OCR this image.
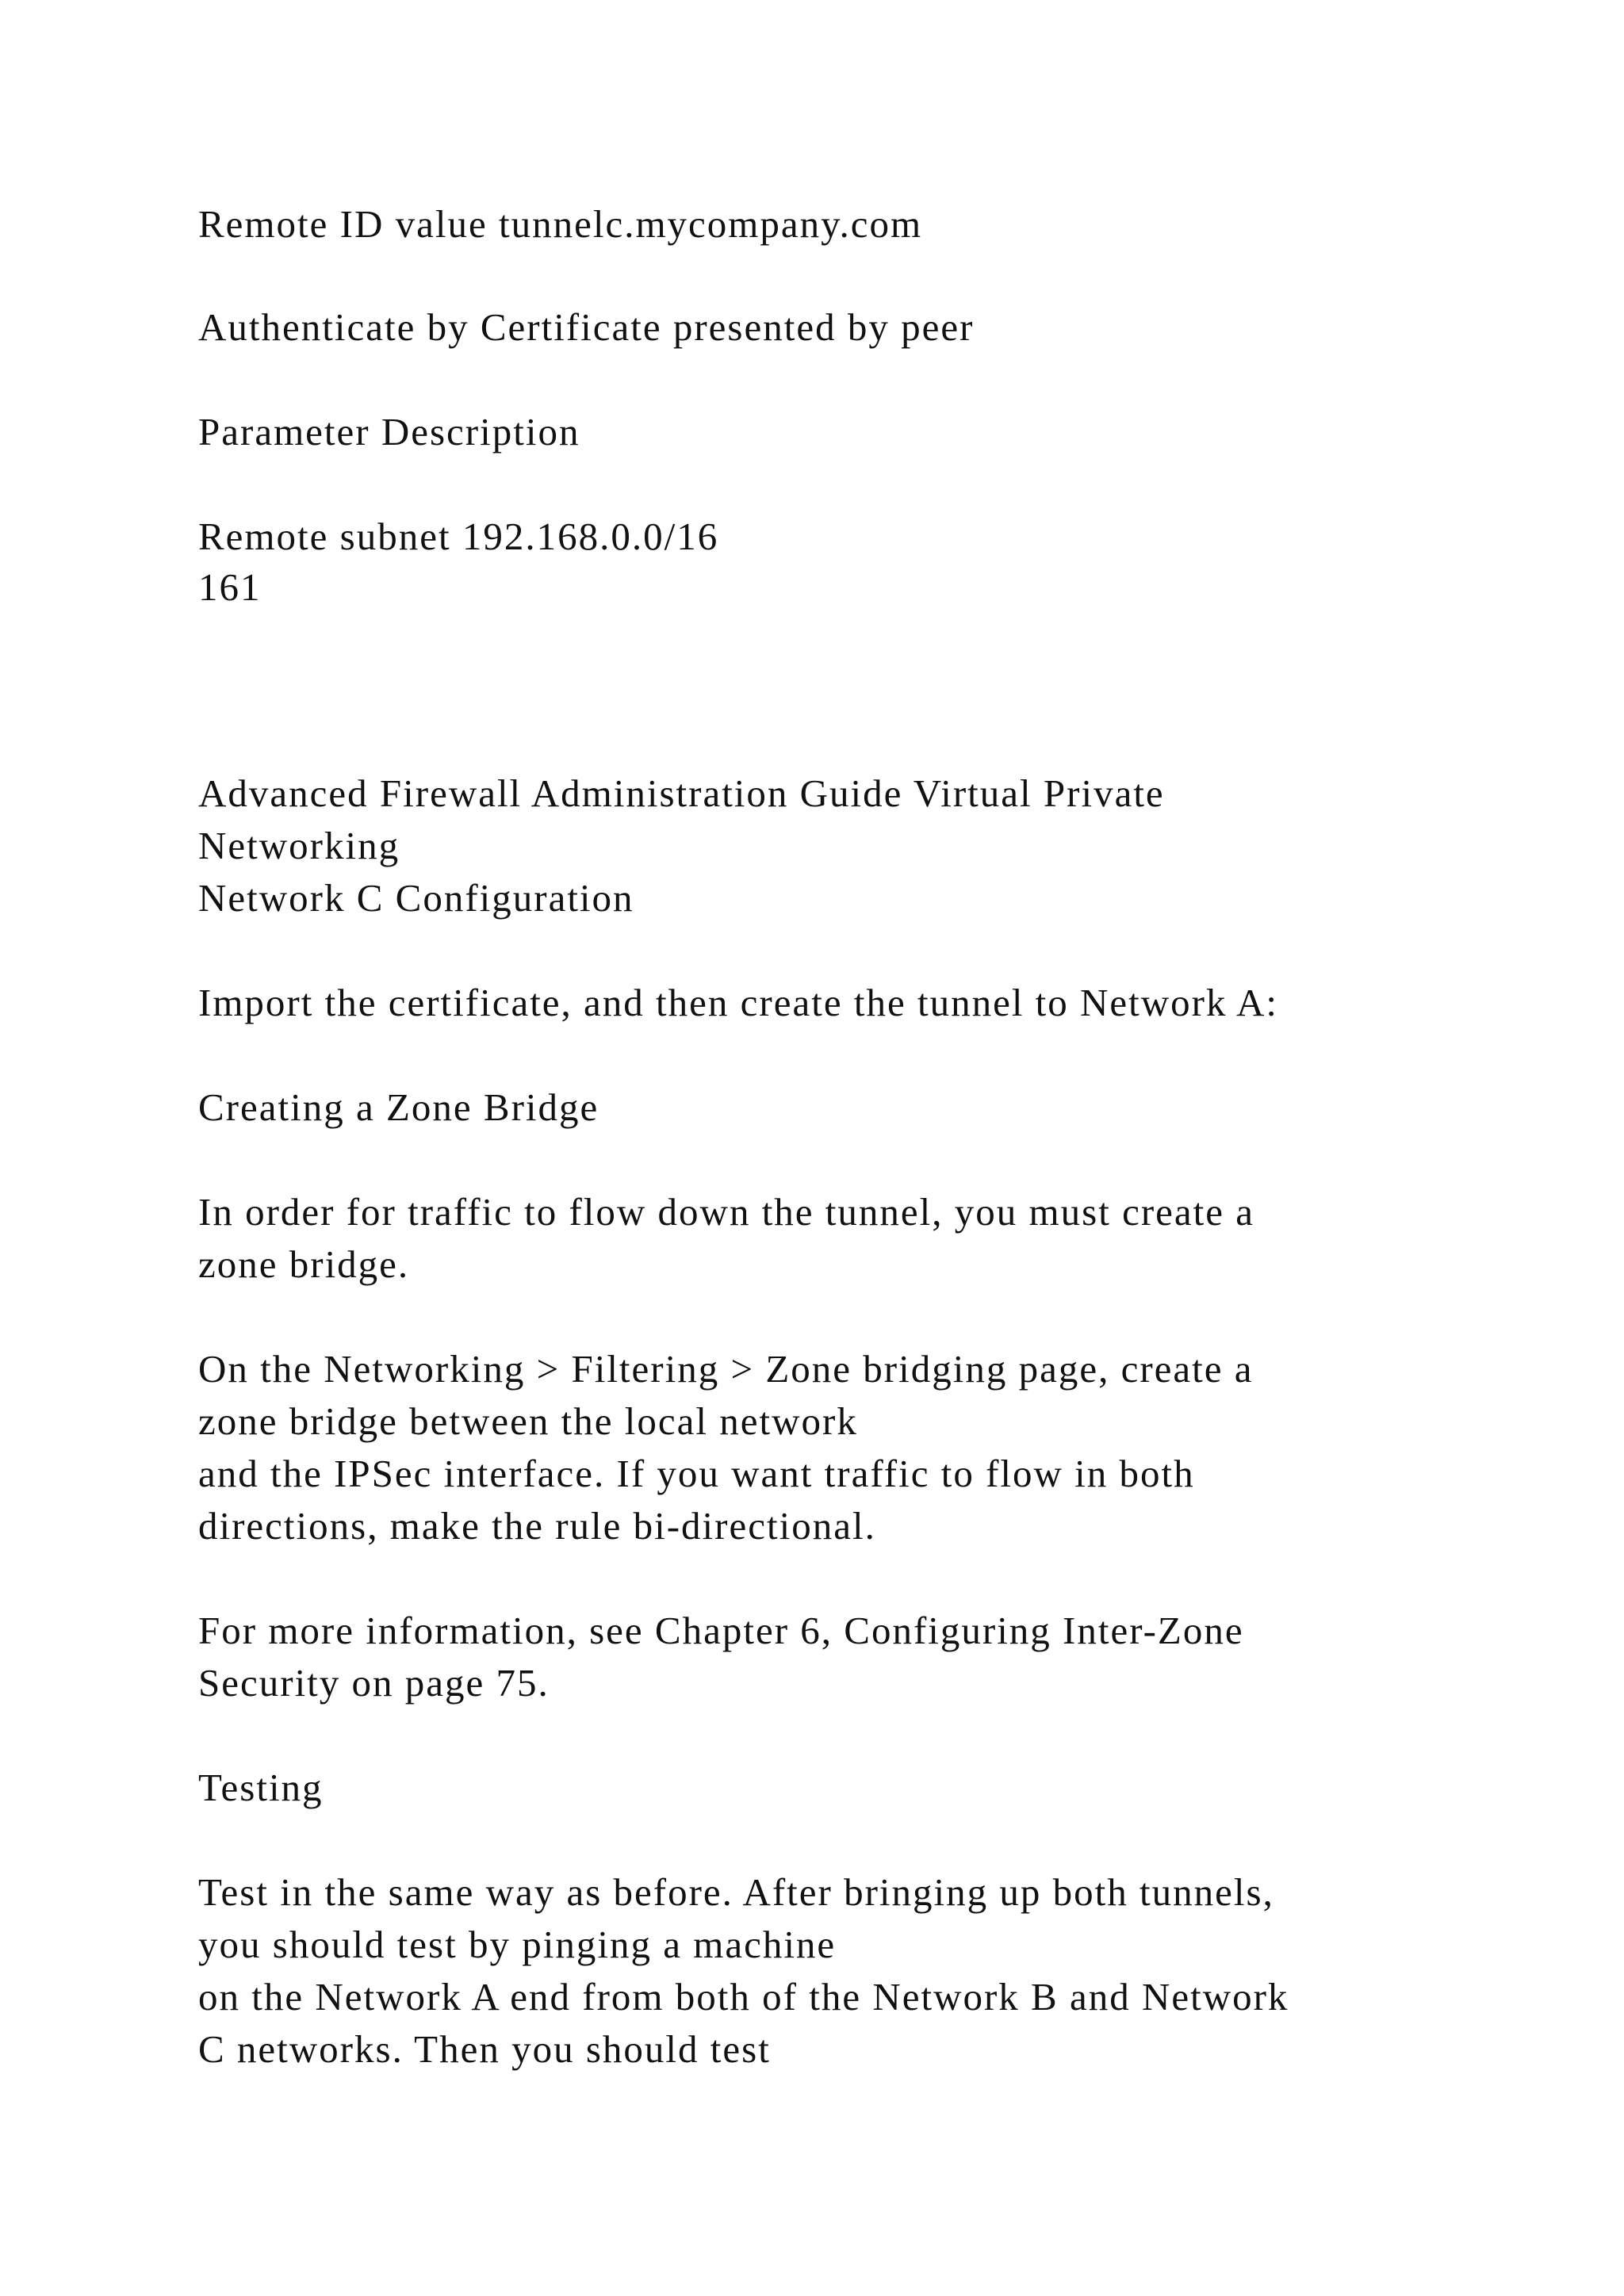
Remote ID value tunnelc.mycompany.com

Authenticate by Certificate presented by peer

Parameter Description

Remote subnet 192.168.0.0/16

161

Advanced Firewall Administration Guide Virtual Private

Networking

Network C Configuration

Import the certificate, and then create the tunnel to Network A:

Creating a Zone Bridge

In order for traffic to flow down the tunnel, you must create a

zone bridge.

On the Networking > Filtering > Zone bridging page, create a

zone bridge between the local network

and the IPSec interface. If you want traffic to flow in both

directions, make the rule bi-directional.

For more information, see Chapter 6, Configuring Inter-Zone

Security on page 75.

Testing

Test in the same way as before. After bringing up both tunnels,

you should test by pinging a machine

on the Network A end from both of the Network B and Network

C networks. Then you should test
